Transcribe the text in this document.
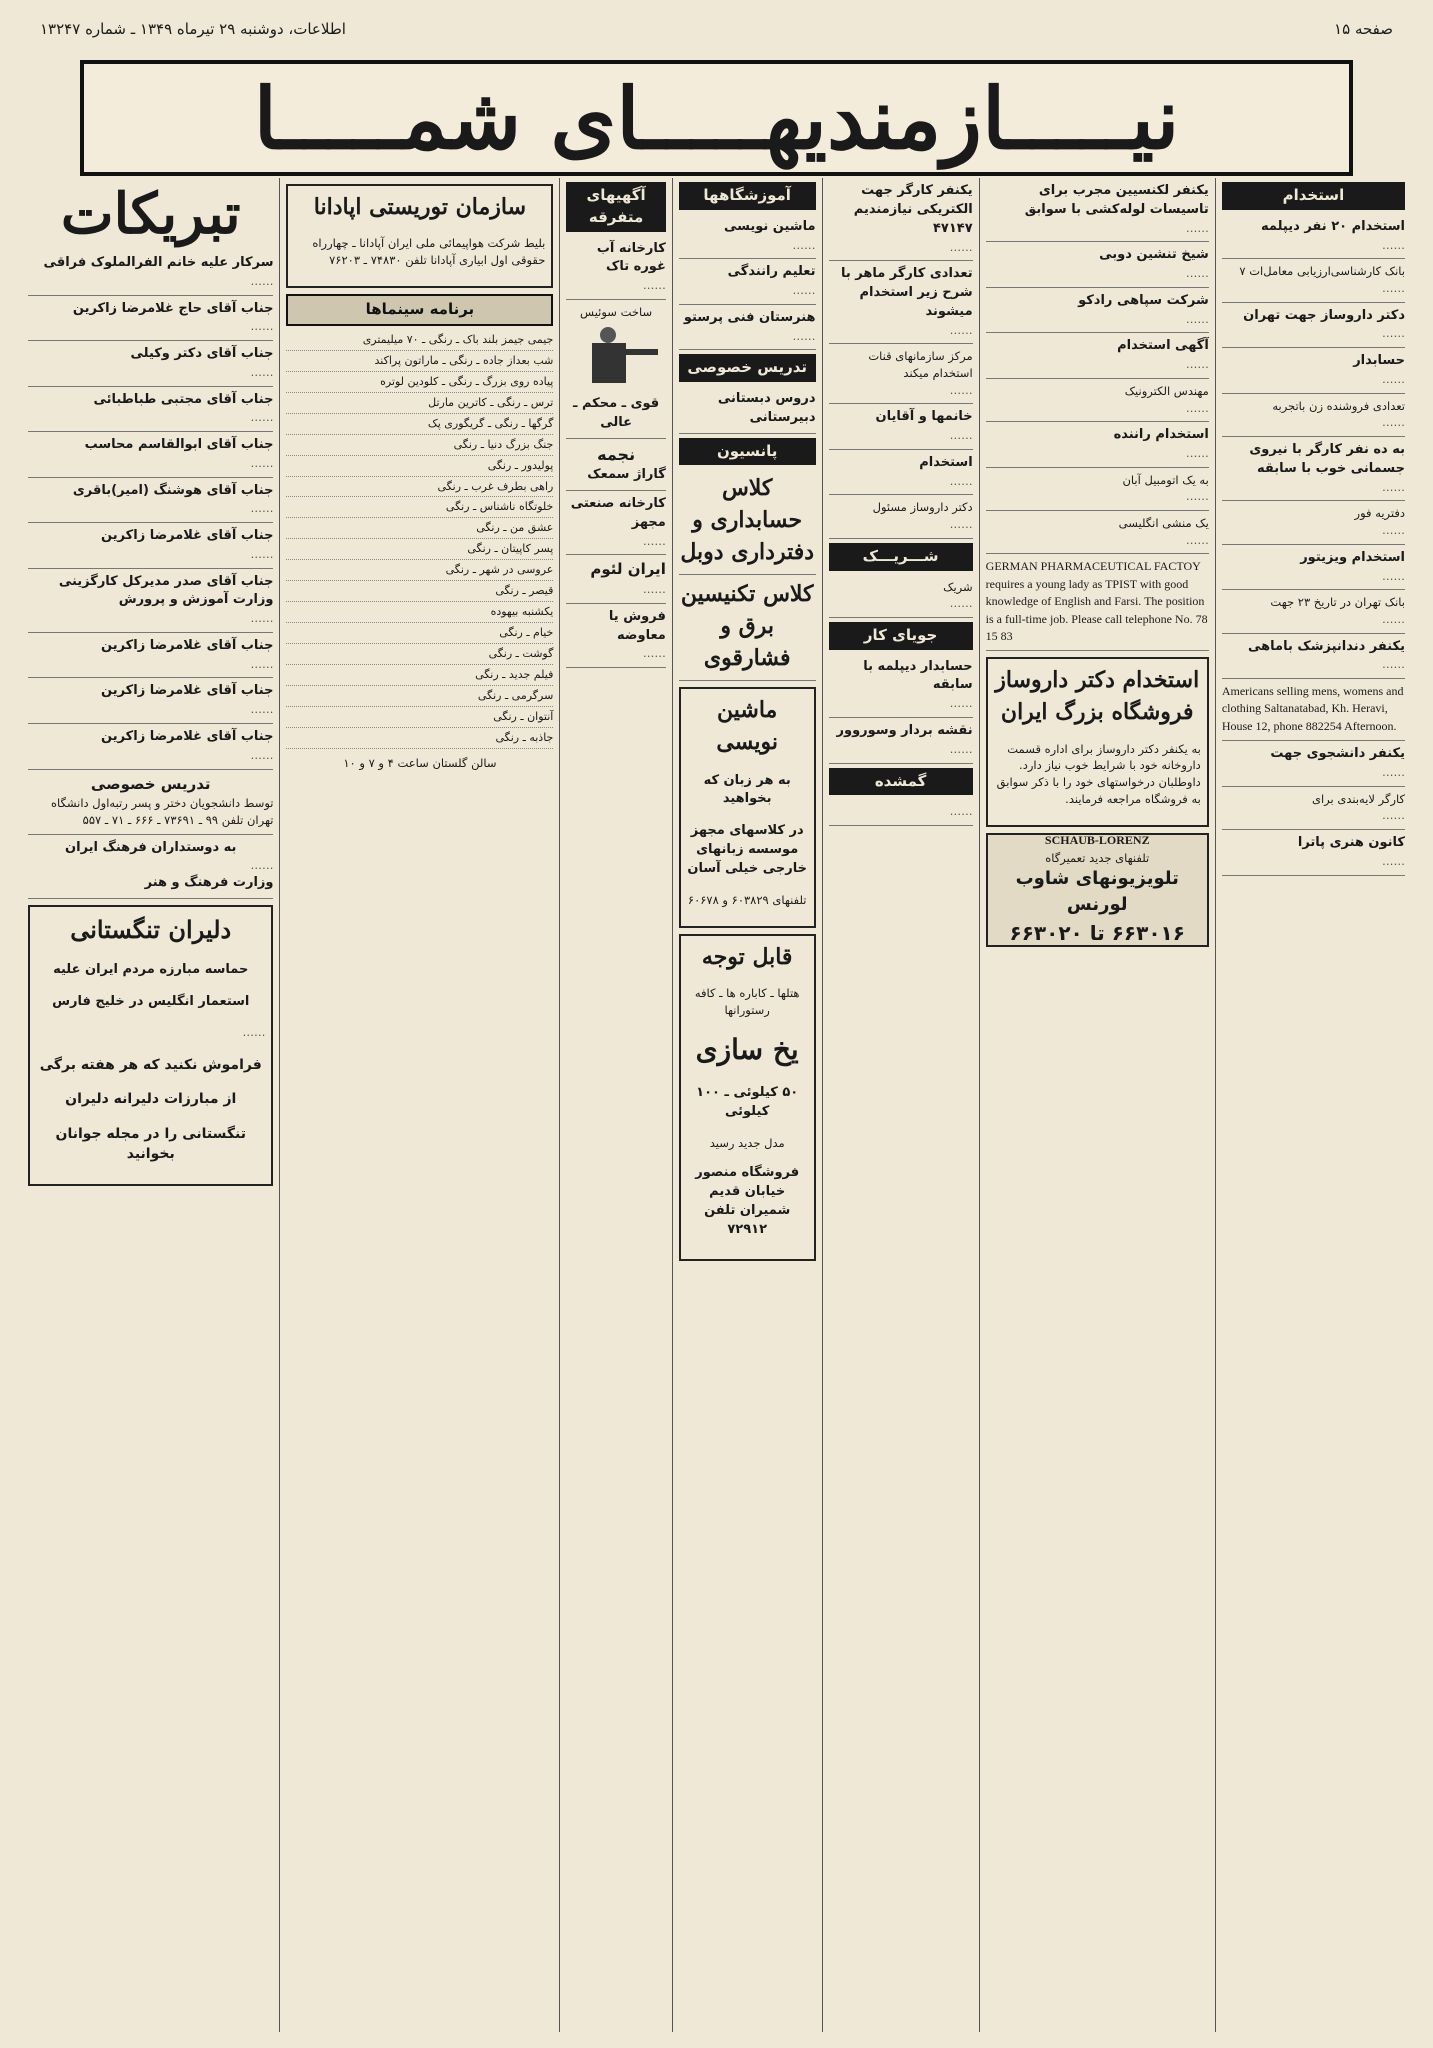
صفحه ۱۵
اطلاعات، دوشنبه ۲۹ تیرماه ۱۳۴۹ ـ شماره ۱۳۲۴۷
نیـــــازمندیهـــــای شمـــــا
استخدام

استخدام ۲۰ نفر دیپلمه

……

بانک کارشناسی‌ارزیابی معامل‌ات ۷

……

دکتر داروساز جهت تهران

……

حسابدار

……

تعدادی فروشنده زن باتجربه

……

به ده نفر کارگر با نیروی جسمانی خوب با سابقه

……

دفتریه فور

……

استخدام ویزیتور

……

بانک تهران در تاریخ ۲۳ جهت

……

یکنفر دندانپزشک باماهی

……

Americans selling mens, womens and clothing Saltanatabad, Kh. Heravi, House 12, phone 882254 Afternoon.

یکنفر دانشجوی جهت

……

کارگر لایه‌بندی برای

……

کانون هنری پاترا

……

یکنفر لکنسیین مجرب برای تاسیسات لوله‌کشی با سوابق

……

شیخ تنشین دوبی

……

شرکت سپاهی رادکو

……

آگهی استخدام

……

مهندس الکترونیک

……

استخدام راننده

……

به یک اتومبیل آبان

……

یک منشی انگلیسی

……

GERMAN PHARMACEUTICAL FACTOY requires a young lady as TPIST with good knowledge of English and Farsi. The position is a full-time job. Please call telephone No. 78 15 83

استخدام دکتر داروساز فروشگاه بزرگ ایران

به یکنفر دکتر داروساز برای اداره قسمت داروخانه خود با شرایط خوب نیاز دارد. داوطلبان درخواستهای خود را با ذکر سوابق به فروشگاه مراجعه فرمایند.

SCHAUB-LORENZ
تلفنهای جدید تعمیرگاه
تلویزیونهای شاوب لورنس
۶۶۳۰۱۶ تا ۶۶۳۰۲۰

یکنفر کارگر جهت الکتریکی نیازمندیم ۴۷۱۴۷

……

تعدادی کارگر ماهر با شرح زیر استخدام میشوند

……

مرکز سازمانهای قنات استخدام میکند

……

خانمها و آقایان

……

استخدام

……

دکتر داروساز مسئول

……

شـــریـــک

شریک

……

جویای کار

حسابدار دیپلمه با سابقه

……

نقشه بردار وسوروور

……

گمشده

……

آموزشگاهها

ماشین نویسی

……

تعلیم رانندگی

……

هنرستان فنی پرستو

……

تدریس خصوصی

دروس دبستانی

دبیرستانی

پانسیون

کلاس حسابداری و دفترداری دوبل

کلاس تکنیسین برق و فشارقوی

ماشین نویسی

به هر زبان که بخواهید

در کلاسهای مجهز موسسه زبانهای خارجی خیلی آسان

تلفنهای ۶۰۳۸۲۹ و ۶۰۶۷۸

قابل توجه

هتلها ـ کاباره ها ـ کافه رستورانها

یخ سازی

۵۰ کیلوئی ـ ۱۰۰ کیلوئی

مدل جدید رسید

فروشگاه منصور خیابان قدیم شمیران تلفن ۷۲۹۱۲

آگهیهای متفرقه

کارخانه آب غوره تاک

……

ساخت سوئیس

قوی ـ محکم ـ عالی

نجمه

گاراژ سمعک

کارخانه صنعتی مجهز

……

ایران لئوم

……

فروش یا معاوضه

……

سازمان توریستی اپادانا

بلیط شرکت هواپیمائی ملی ایران آپادانا ـ چهارراه حقوقی اول ابیاری آپادانا تلفن ۷۴۸۳۰ ـ ۷۶۲۰۳

برنامه سینماها
جیمی جیمز بلند باک ـ رنگی ـ ۷۰ میلیمتری
شب بعداز جاده ـ رنگی ـ ماراتون پراکند
پیاده روی بزرگ ـ رنگی ـ کلودین لوتره
ترس ـ رنگی ـ کاترین مارتل
گرگها ـ رنگی ـ گریگوری پک
جنگ بزرگ دنیا ـ رنگی
پولیدور ـ رنگی
راهی بطرف غرب ـ رنگی
خلوتگاه ناشناس ـ رنگی
عشق من ـ رنگی
پسر کاپیتان ـ رنگی
عروسی در شهر ـ رنگی
قیصر ـ رنگی
یکشنبه بیهوده
خیام ـ رنگی
گوشت ـ رنگی
فیلم جدید ـ رنگی
سرگرمی ـ رنگی
آنتوان ـ رنگی
جاذبه ـ رنگی

سالن گلستان ساعت ۴ و ۷ و ۱۰

تبریکات

سرکار علیه خانم الفرالملوک فراقی

……

جناب آقای حاج غلامرضا زاکرین

……

جناب آقای دکتر وکیلی

……

جناب آقای مجتبی طباطبائی

……

جناب آقای ابوالقاسم محاسب

……

جناب آقای هوشنگ (امیر)باقری

……

جناب آقای غلامرضا زاکرین

……

جناب آقای صدر مدیرکل کارگزینی وزارت آموزش و پرورش

……

جناب آقای غلامرضا زاکرین

……

جناب آقای غلامرضا زاکرین

……

جناب آقای غلامرضا زاکرین

……

تدریس خصوصی

توسط دانشجویان دختر و پسر رتبه‌اول دانشگاه تهران تلفن ۹۹ ـ ۷۳۶۹۱ ـ ۶۶۶ ـ ۷۱ ـ ۵۵۷

به دوستداران فرهنگ ایران

……

وزارت فرهنگ و هنر

دلیران تنگستانی

حماسه مبارزه مردم ایران علیه

استعمار انگلیس در خلیج فارس

……

فراموش نکنید که هر هفته برگی

از مبارزات دلیرانه دلیران

تنگستانی را در مجله جوانان بخوانید
